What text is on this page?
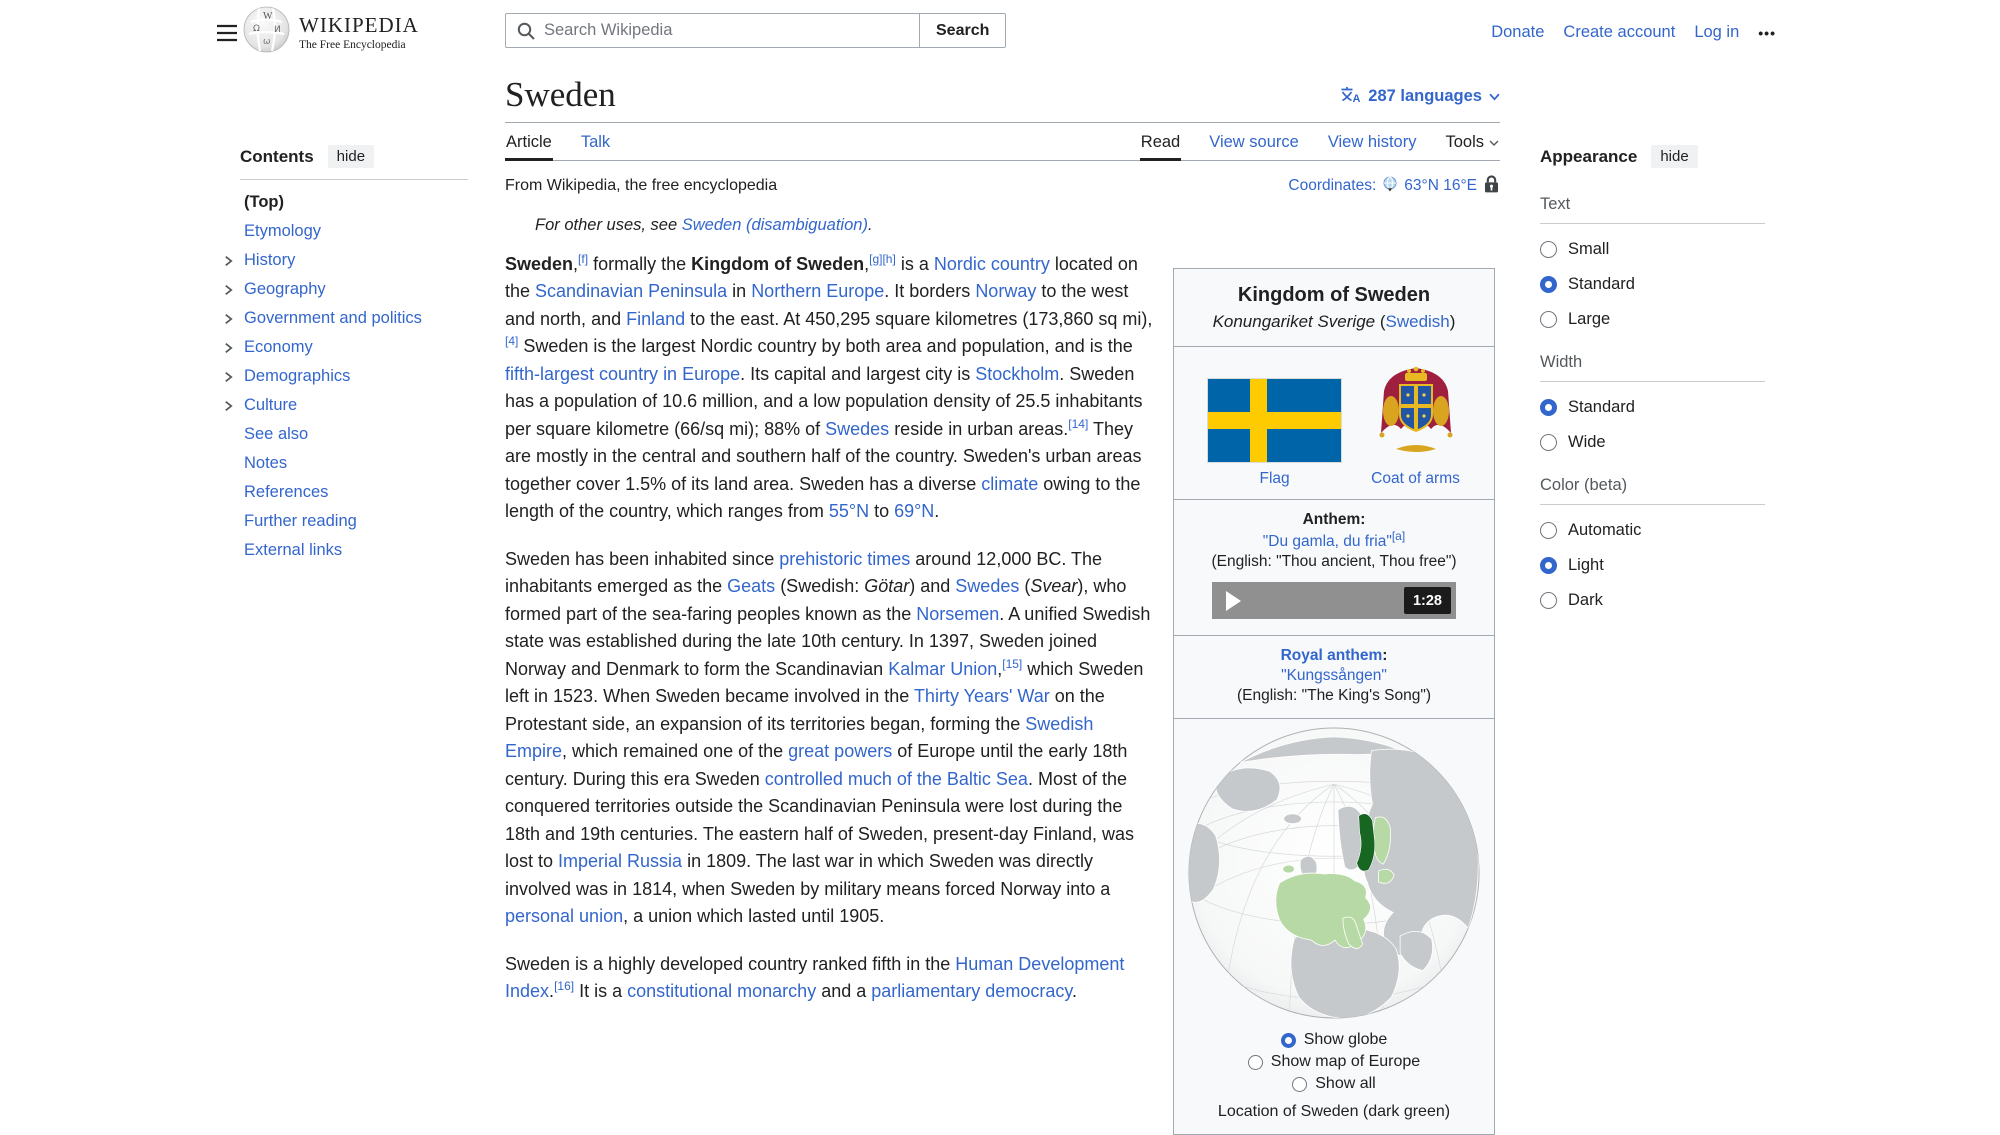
W
Ω И
ω
WIKIPEDIA
The Free Encyclopedia
Search Wikipedia
Search	Donate Create account Log in •••
Contents	hide
(Top)
Etymology
History
Geography
Government and politics
Economy
Demographics
Culture
See also
Notes
References
Further reading
External links
Sweden	A 287 languages
Article Talk	Read View source View history Tools
From Wikipedia, the free encyclopedia	Coordinates: 63°N 16°E
For other uses, see Sweden (disambiguation).

Sweden,[f] formally the Kingdom of Sweden,[g][h] is a Nordic country located on the Scandinavian Peninsula in Northern Europe. It borders Norway to the west and north, and Finland to the east. At 450,295 square kilometres (173,860 sq mi),[4] Sweden is the largest Nordic country by both area and population, and is the fifth-largest country in Europe. Its capital and largest city is Stockholm. Sweden has a population of 10.6 million, and a low population density of 25.5 inhabitants per square kilometre (66/sq mi); 88% of Swedes reside in urban areas.[14] They are mostly in the central and southern half of the country. Sweden's urban areas together cover 1.5% of its land area. Sweden has a diverse climate owing to the length of the country, which ranges from 55°N to 69°N.

Sweden has been inhabited since prehistoric times around 12,000 BC. The inhabitants emerged as the Geats (Swedish: Götar) and Swedes (Svear), who formed part of the sea-faring peoples known as the Norsemen. A unified Swedish state was established during the late 10th century. In 1397, Sweden joined Norway and Denmark to form the Scandinavian Kalmar Union,[15] which Sweden left in 1523. When Sweden became involved in the Thirty Years' War on the Protestant side, an expansion of its territories began, forming the Swedish Empire, which remained one of the great powers of Europe until the early 18th century. During this era Sweden controlled much of the Baltic Sea. Most of the conquered territories outside the Scandinavian Peninsula were lost during the 18th and 19th centuries. The eastern half of Sweden, present-day Finland, was lost to Imperial Russia in 1809. The last war in which Sweden was directly involved was in 1814, when Sweden by military means forced Norway into a personal union, a union which lasted until 1905.

Sweden is a highly developed country ranked fifth in the Human Development Index.[16] It is a constitutional monarchy and a parliamentary democracy.

Kingdom of Sweden
Konungariket Sverige (Swedish)
Flag	Coat of arms
Anthem:
"Du gamla, du fria"[a]
(English: "Thou ancient, Thou free")
1:28
Royal anthem:
"Kungssången"
(English: "The King's Song")
Show globe
Show map of Europe
Show all
Location of Sweden (dark green)
Appearance	hide
Text
Small
Standard
Large
Width
Standard
Wide
Color (beta)
Automatic
Light
Dark
